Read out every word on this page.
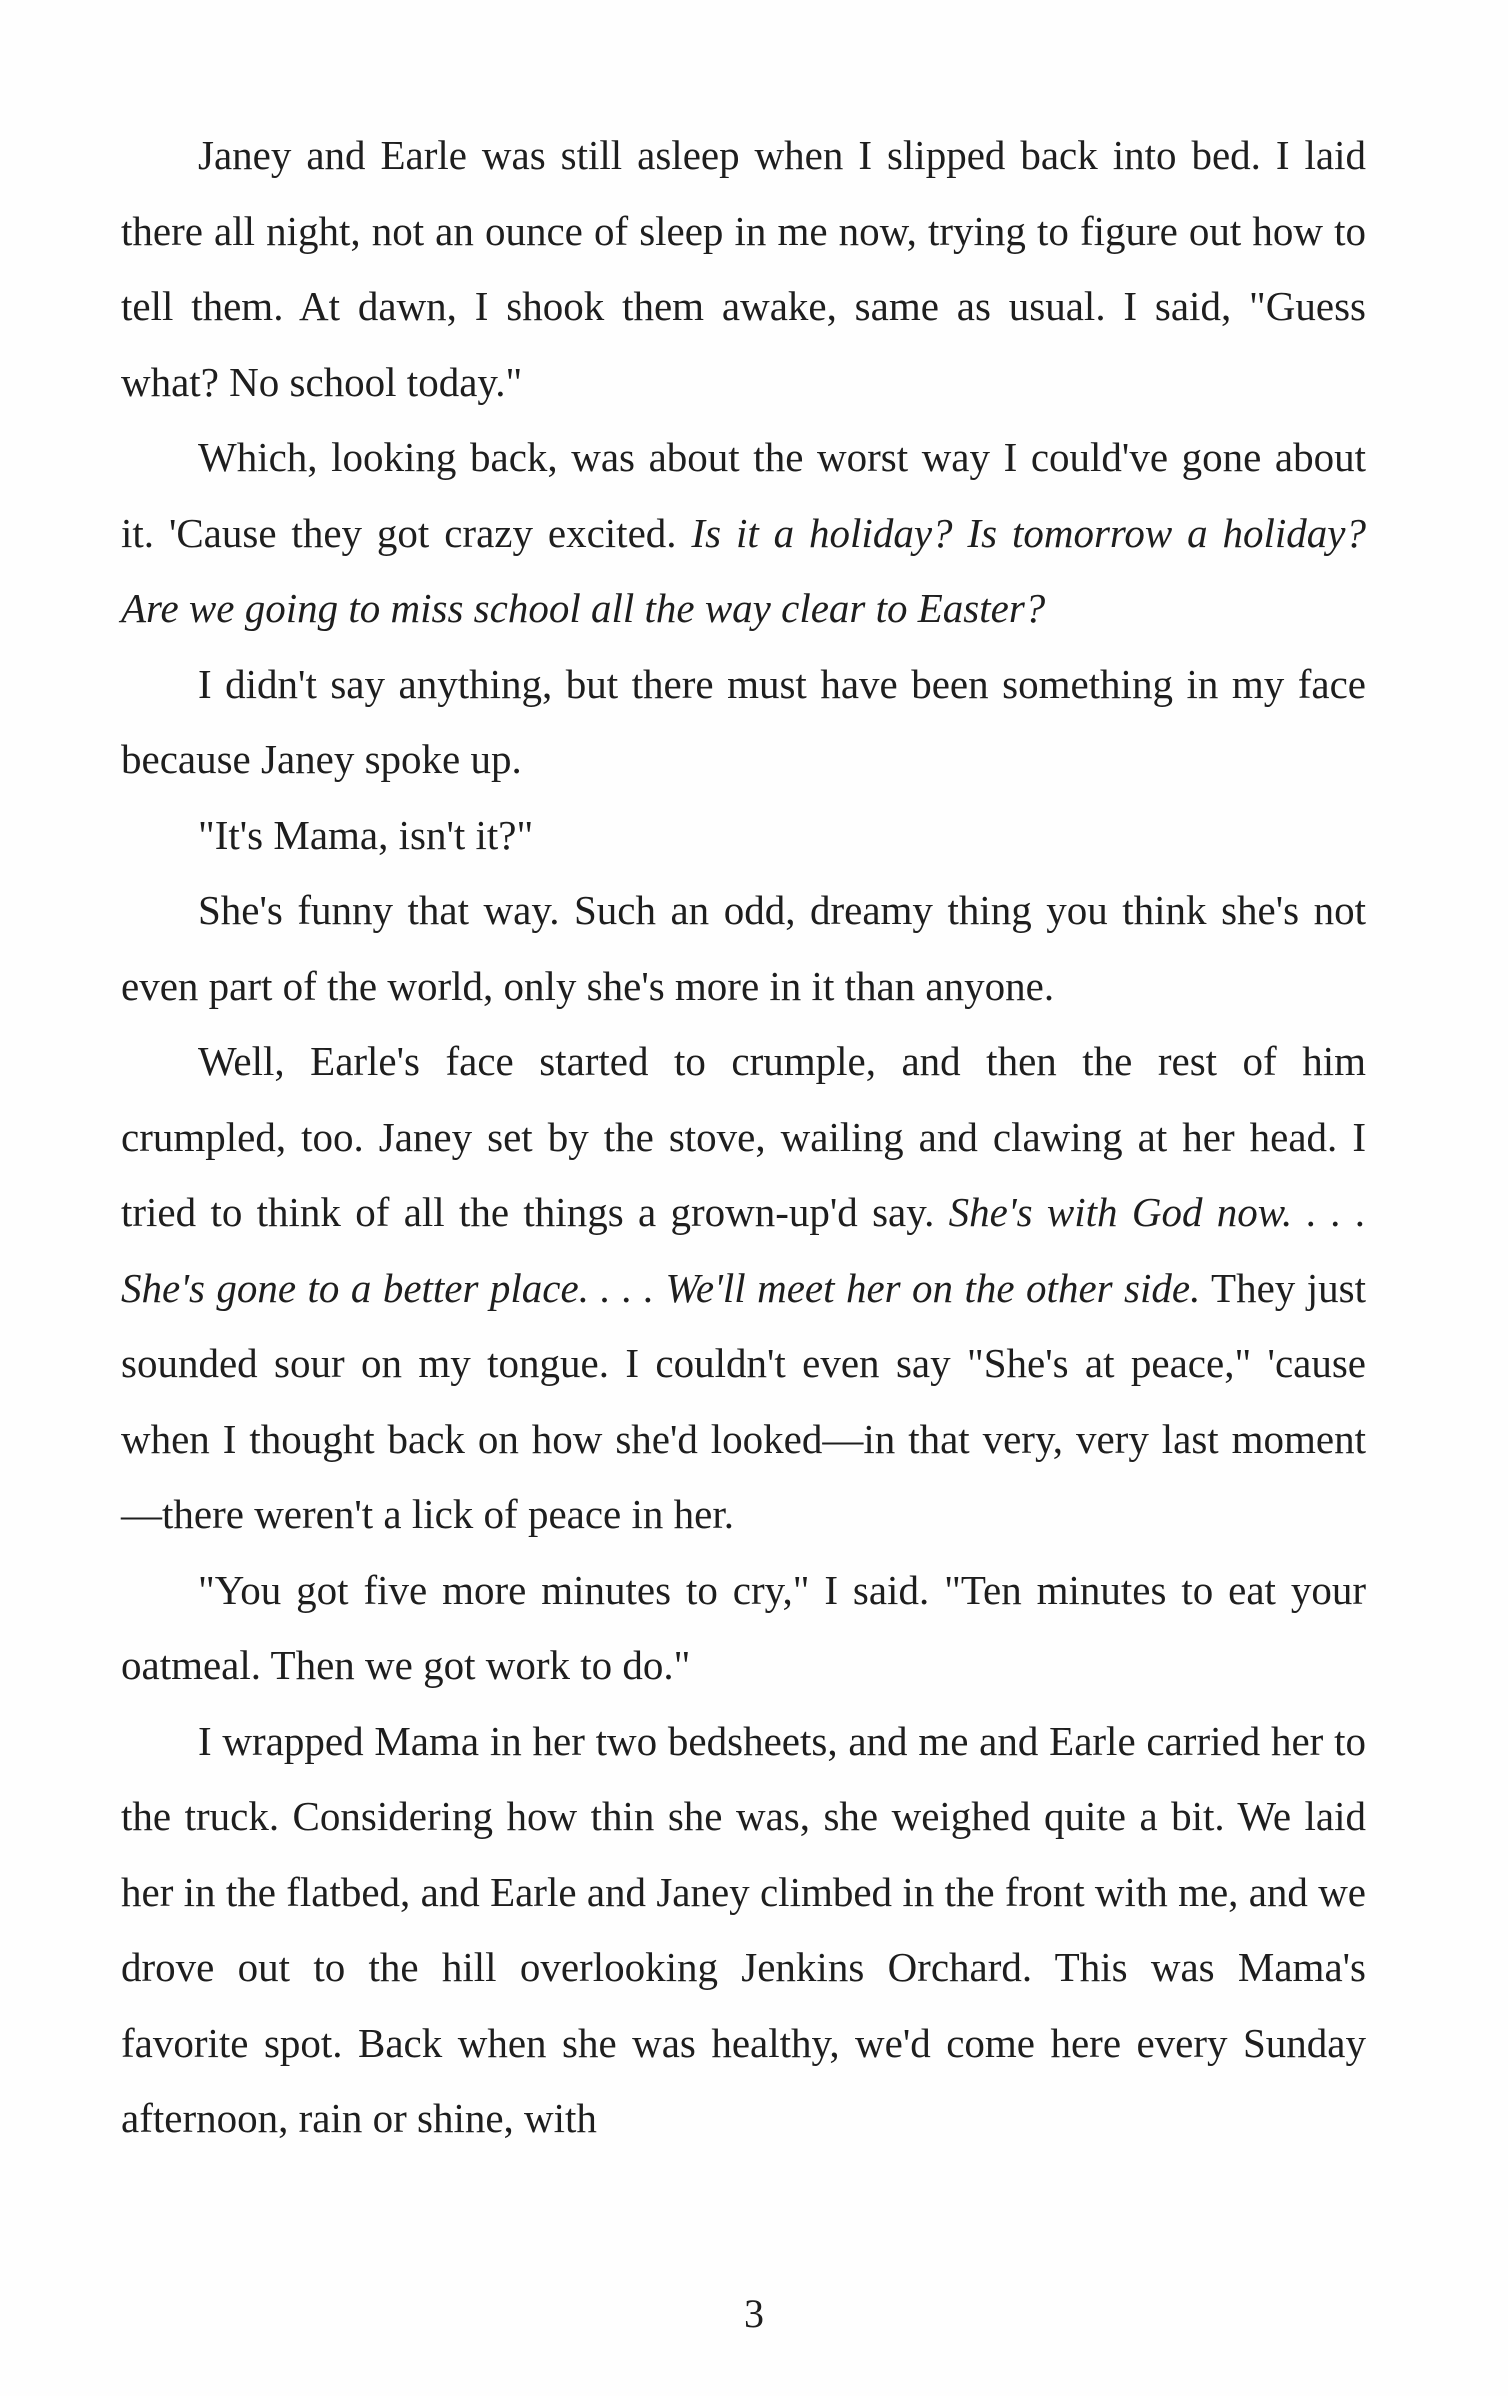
Janey and Earle was still asleep when I slipped back into bed. I laid there all night, not an ounce of sleep in me now, trying to figure out how to tell them. At dawn, I shook them awake, same as usual. I said, "Guess what? No school today."

Which, looking back, was about the worst way I could've gone about it. 'Cause they got crazy excited. Is it a holiday? Is tomorrow a holiday? Are we going to miss school all the way clear to Easter?

I didn't say anything, but there must have been something in my face because Janey spoke up.

"It's Mama, isn't it?"

She's funny that way. Such an odd, dreamy thing you think she's not even part of the world, only she's more in it than anyone.

Well, Earle's face started to crumple, and then the rest of him crumpled, too. Janey set by the stove, wailing and clawing at her head. I tried to think of all the things a grown-up'd say. She's with God now. . . . She's gone to a better place. . . . We'll meet her on the other side. They just sounded sour on my tongue. I couldn't even say "She's at peace," 'cause when I thought back on how she'd looked—in that very, very last moment—there weren't a lick of peace in her.

"You got five more minutes to cry," I said. "Ten minutes to eat your oatmeal. Then we got work to do."

I wrapped Mama in her two bedsheets, and me and Earle carried her to the truck. Considering how thin she was, she weighed quite a bit. We laid her in the flatbed, and Earle and Janey climbed in the front with me, and we drove out to the hill overlooking Jenkins Orchard. This was Mama's favorite spot. Back when she was healthy, we'd come here every Sunday afternoon, rain or shine, with

3
